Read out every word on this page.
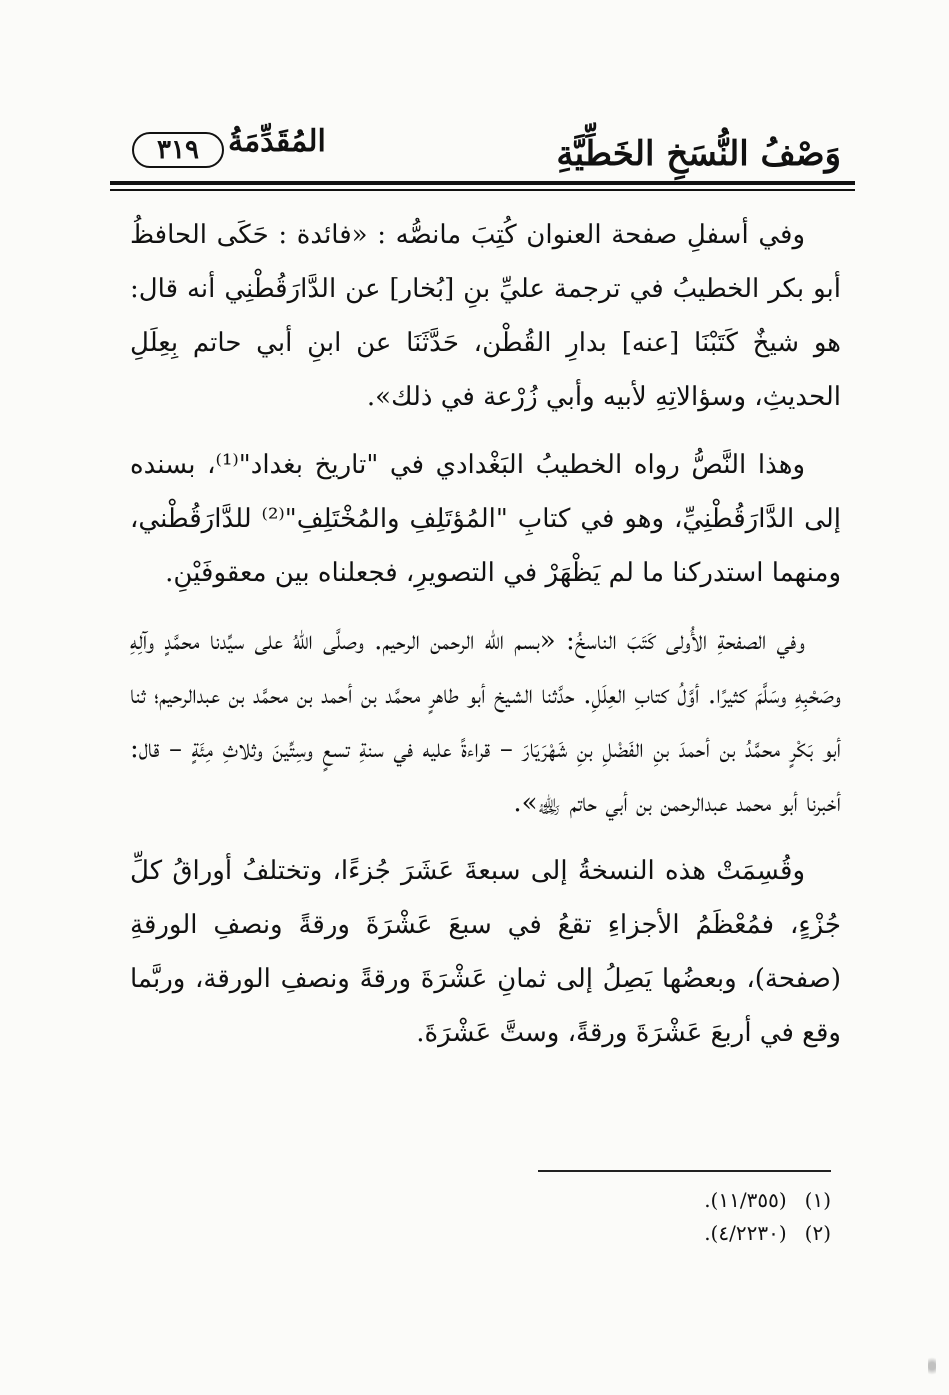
وَصْفُ النُّسَخِ الخَطِّيَّةِ
المُقَدِّمَةُ
٣١٩

وفي أسفلِ صفحة العنوان كُتِبَ مانصُّه : «فائدة : حَكَى الحافظُ أبو بكر الخطيبُ في ترجمة عليِّ بنِ [بُخار] عن الدَّارَقُطْنِي أنه قال: هو شيخٌ كَتَبْنَا [عنه] بدارِ القُطْن، حَدَّثَنَا عن ابنِ أبي حاتم بِعِلَلِ الحديثِ، وسؤالاتِهِ لأبيه وأبي زُرْعة في ذلك».

وهذا النَّصُّ رواه الخطيبُ البَغْدادي في "تاريخ بغداد"⁽¹⁾، بسنده إلى الدَّارَقُطْنِيِّ، وهو في كتابِ "المُؤتَلِفِ والمُخْتَلِفِ"⁽²⁾ للدَّارَقُطْني، ومنهما استدركنا ما لم يَظْهَرْ في التصويرِ، فجعلناه بين معقوفَيْنِ.

وفي الصفحةِ الأُولى كَتَبَ الناسخُ: «بسم الله الرحمن الرحيم. وصلَّى اللهُ على سيِّدنا محمَّدٍ وآلِهِ وصَحْبِهِ وسَلَّمَ كثيرًا. أوَّلُ كتابِ العِلَلِ. حدَّثنا الشيخ أبو طاهرٍ محمَّد بن أحمد بن محمَّد بن عبدالرحيم؛ ثنا أبو بَكْرٍ محمَّدُ بن أحمدَ بنِ الفَضْلِ بنِ شَهْرَيَارَ – قراءةً عليه في سنةِ تسعٍ وسِتِّينَ وثلاثِ مِئَةٍ – قال: أخبرنا أبو محمد عبدالرحمن بن أبي حاتم ﵀».

وقُسِمَتْ هذه النسخةُ إلى سبعةَ عَشَرَ جُزءًا، وتختلفُ أوراقُ كلِّ جُزْءٍ، فمُعْظَمُ الأجزاءِ تقعُ في سبعَ عَشْرَةَ ورقةً ونصفِ الورقةِ (صفحة)، وبعضُها يَصِلُ إلى ثمانِ عَشْرَةَ ورقةً ونصفِ الورقة، وربَّما وقع في أربعَ عَشْرَةَ ورقةً، وستَّ عَشْرَةَ.

(١)(١١/٣٥٥).
(٢)(٤/٢٢٣٠).
